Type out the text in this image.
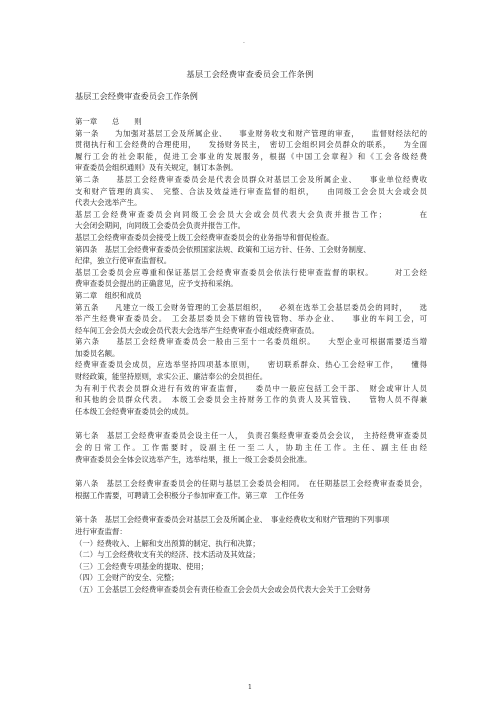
.
基层工会经费审查委员会工作条例
基层工会经费审查委员会工作条例
第一章　　总　　则
第一条　　为加强对基层工会及所属企业、　　事业财务收支和财产管理的审查，　　监督财经法纪的
贯彻执行和工会经费的合理使用，　　发扬财务民主，　密切工会组织同会员群众的联系，　　为全面
履行工会的社会职能，促进工会事业的发展服务，根据《中国工会章程》和《工会各级经费
审查委员会组织通则》及有关规定，制订本条例。
第二条　　基层工会经费审查委员会是代表会员群众对基层工会及所属企业、　　事业单位经费收
支和财产管理的真实、　完整、合法及效益进行审查监督的组织，　　由同级工会会员大会或会员
代表大会选举产生。
基层工会经费审查委员会向同级工会会员大会或会员代表大会负责并报告工作；　　　　在
大会闭会期间，向同级工会委员会负责并报告工作。
基层工会经费审查委员会接受上级工会经费审查委员会的业务指导和督促检查。
第四条　基层工会经费审查委员会依照国家法规、政策和工运方针、任务、工会财务制度、
纪律，独立行使审查监督权。
基层工会委员会应尊重和保证基层工会经费审查委员会依法行使审查监督的职权。　　　对工会经
费审查委员会提出的正确意见，应予支持和采纳。
第二章　组织和成员
第五条　　凡建立一级工会财务管理的工会基层组织，　　必须在选举工会基层委员会的同时，　　选
举产生经费审查委员会。　工会基层委员会下辖的管钱管物、举办企业、　　事业的车间工会，可
经车间工会会员大会或会员代表大会选举产生经费审查小组或经费审查员。
第六条　　基层工会经费审查委员会一般由三至十一名委员组织。　　大型企业可根据需要适当增
加委员名额。
经费审查委员会成员，应选举坚持四项基本原则，　　密切联系群众、热心工会经审工作，　　懂得
财经政策，能坚持原则，求实公正、廉洁奉公的会员担任。
为有利于代表会员群众进行有效的审查监督，　　委员中一般应包括工会干部、　财会或审计人员
和其他的会员群众代表。　本级工会委员会主持财务工作的负责人及其管钱、　　管物人员不得兼
任本级工会经费审查委员会的成员。
第七条　基层工会经费审查委员会设主任一人，　负责召集经费审查委员会会议，　主持经费审查委员
会的日常工作。工作需要时，设副主任一至二人，协助主任工作。主任、副主任由经
费审查委员会全体会议选举产生，选举结果，报上一级工会委员会批准。
第八条　基层工会经费审查委员会的任期与基层工会委员会相同。　在任期基层工会经费审查委员会，
根据工作需要，可聘请工会积极分子参加审查工作。第三章　工作任务
第十条　基层工会经费审查委员会对基层工会及所属企业、　事业经费收支和财产管理的下列事项
进行审查监督：
（一）经费收入、上解和支出预算的制定、执行和决算；
（二）与工会经费收支有关的经济、技术活动及其效益；
（三）工会经费专项基金的提取、使用；
（四）工会财产的安全、完整；
（五）工会基层工会经费审查委员会有责任检查工会会员大会或会员代表大会关于工会财务
1
